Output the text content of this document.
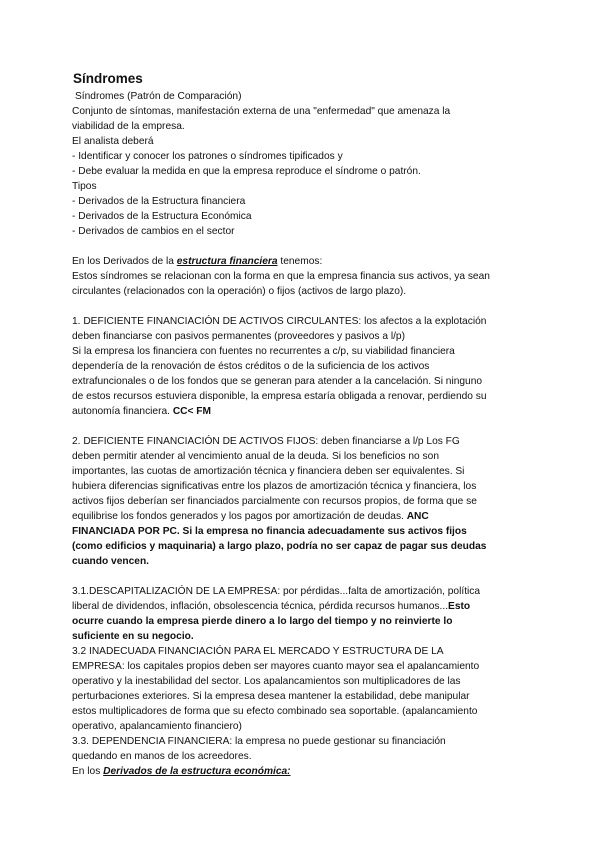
Síndromes
Síndromes (Patrón de Comparación)
Conjunto de síntomas, manifestación externa de una "enfermedad" que amenaza la
viabilidad de la empresa.
El analista deberá
- Identificar y conocer los patrones o síndromes tipificados y
- Debe evaluar la medida en que la empresa reproduce el síndrome o patrón.
Tipos
- Derivados de la Estructura financiera
- Derivados de la Estructura Económica
- Derivados de cambios en el sector
En los Derivados de la estructura financiera tenemos:
Estos síndromes se relacionan con la forma en que la empresa financia sus activos, ya sean
circulantes (relacionados con la operación) o fijos (activos de largo plazo).
1. DEFICIENTE FINANCIACIÓN DE ACTIVOS CIRCULANTES: los afectos a la explotación
deben financiarse con pasivos permanentes (proveedores y pasivos a l/p)
Si la empresa los financiera con fuentes no recurrentes a c/p, su viabilidad financiera
dependería de la renovación de éstos créditos o de la suficiencia de los activos
extrafuncionales o de los fondos que se generan para atender a la cancelación. Si ninguno
de estos recursos estuviera disponible, la empresa estaría obligada a renovar, perdiendo su
autonomía financiera. CC< FM
2. DEFICIENTE FINANCIACIÓN DE ACTIVOS FIJOS: deben financiarse a l/p Los FG
deben permitir atender al vencimiento anual de la deuda. Si los beneficios no son
importantes, las cuotas de amortización técnica y financiera deben ser equivalentes. Si
hubiera diferencias significativas entre los plazos de amortización técnica y financiera, los
activos fijos deberían ser financiados parcialmente con recursos propios, de forma que se
equilibrise los fondos generados y los pagos por amortización de deudas. ANC
FINANCIADA POR PC. Si la empresa no financia adecuadamente sus activos fijos
(como edificios y maquinaria) a largo plazo, podría no ser capaz de pagar sus deudas
cuando vencen.
3.1.DESCAPITALIZACIÓN DE LA EMPRESA: por pérdidas...falta de amortización, política
liberal de dividendos, inflación, obsolescencia técnica, pérdida recursos humanos...Esto
ocurre cuando la empresa pierde dinero a lo largo del tiempo y no reinvierte lo
suficiente en su negocio.
3.2 INADECUADA FINANCIACIÓN PARA EL MERCADO Y ESTRUCTURA DE LA
EMPRESA: los capitales propios deben ser mayores cuanto mayor sea el apalancamiento
operativo y la inestabilidad del sector. Los apalancamientos son multiplicadores de las
perturbaciones exteriores. Si la empresa desea mantener la estabilidad, debe manipular
estos multiplicadores de forma que su efecto combinado sea soportable. (apalancamiento
operativo, apalancamiento financiero)
3.3. DEPENDENCIA FINANCIERA: la empresa no puede gestionar su financiación
quedando en manos de los acreedores.
En los Derivados de la estructura económica:
